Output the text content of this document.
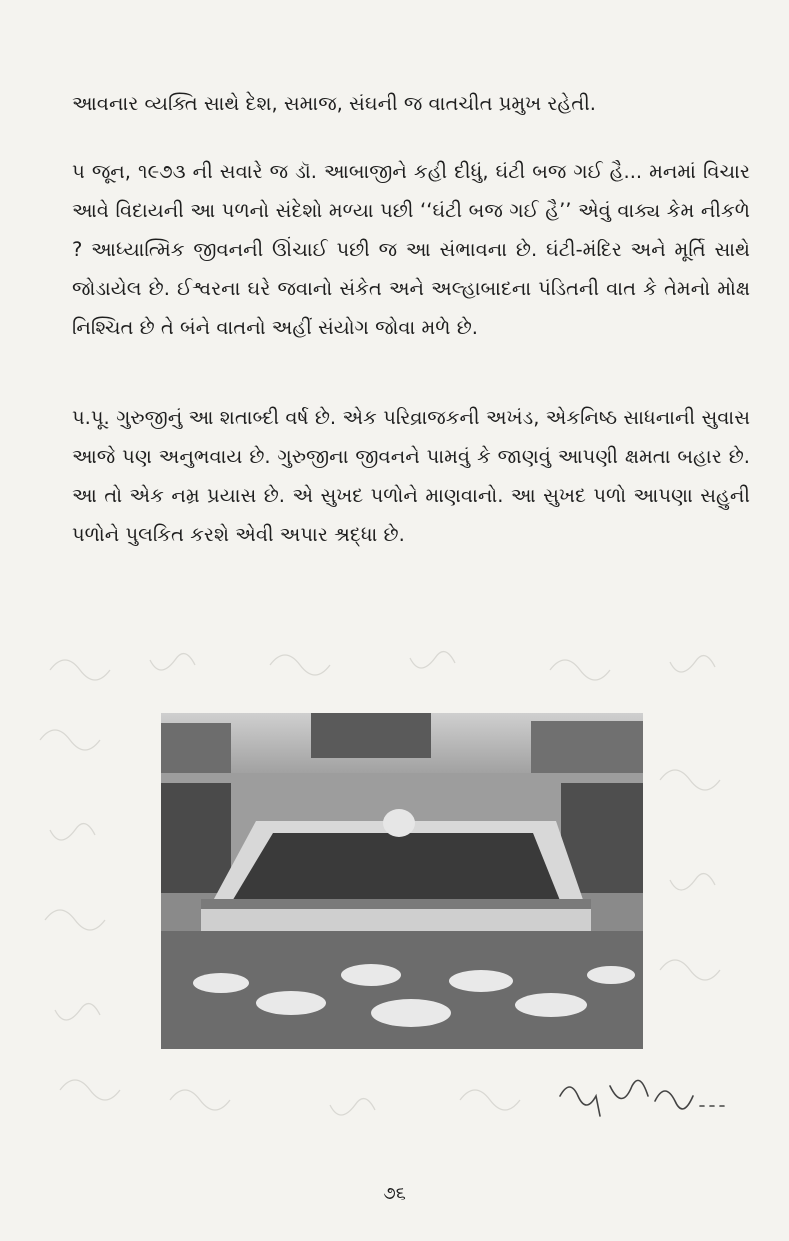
આવનાર વ્યક્તિ સાથે દેશ, સમાજ, સંઘની જ વાતચીત પ્રમુખ રહેતી.

૫ જૂન, ૧૯૭૩ ની સવારે જ ડૉ. આબાજીને કહી દીધું, ઘંટી બજ ગઈ હૈ... મનમાં વિચાર આવે વિદાયની આ પળનો સંદેશો મળ્યા પછી ‘‘ઘંટી બજ ગઈ હૈ’’ એવું વાક્ય કેમ નીકળે ? આધ્યાત્મિક જીવનની ઊંચાઈ પછી જ આ સંભાવના છે. ઘંટી-મંદિર અને મૂર્તિ સાથે જોડાયેલ છે. ઈશ્વરના ઘરે જવાનો સંકેત અને અલ્હાબાદના પંડિતની વાત કે તેમનો મોક્ષ નિશ્ચિત છે તે બંને વાતનો અહીં સંયોગ જોવા મળે છે.

પ.પૂ. ગુરુજીનું આ શતાબ્દી વર્ષ છે. એક પરિવ્રાજકની અખંડ, એકનિષ્ઠ સાધનાની સુવાસ આજે પણ અનુભવાય છે. ગુરુજીના જીવનને પામવું કે જાણવું આપણી ક્ષમતા બહાર છે. આ તો એક નમ્ર પ્રયાસ છે. એ સુખદ પળોને માણવાનો. આ સુખદ પળો આપણા સહુની પળોને પુલકિત કરશે એવી અપાર શ્રદ્ધા છે.

૭૬
